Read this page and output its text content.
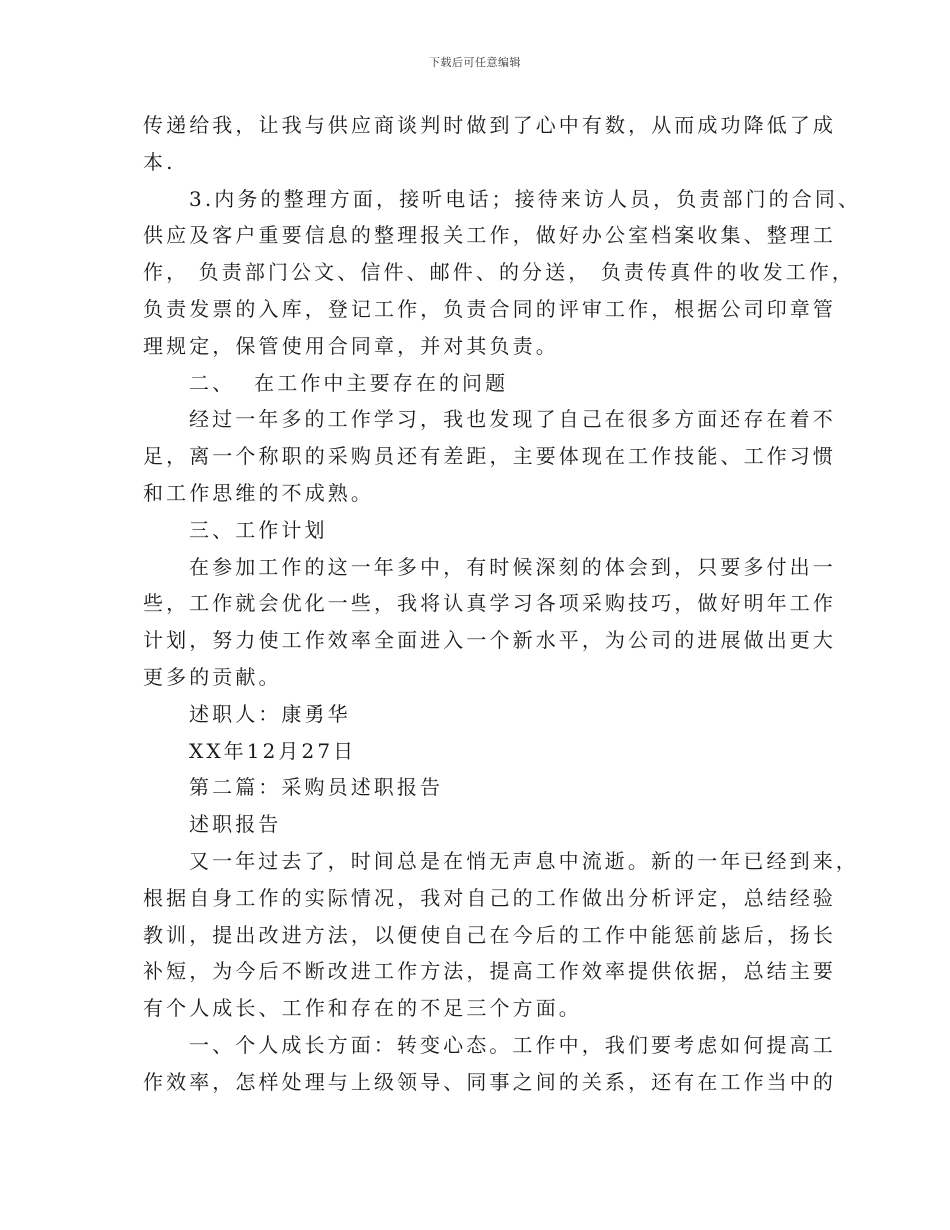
下载后可任意编辑
传递给我，让我与供应商谈判时做到了心中有数，从而成功降低了成
本.
3.内务的整理方面，接听电话；接待来访人员，负责部门的合同、
供应及客户重要信息的整理报关工作，做好办公室档案收集、整理工
作， 负责部门公文、信件、邮件、的分送， 负责传真件的收发工作，
负责发票的入库，登记工作，负责合同的评审工作，根据公司印章管
理规定，保管使用合同章，并对其负责。
二、  在工作中主要存在的问题
经过一年多的工作学习，我也发现了自己在很多方面还存在着不
足，离一个称职的采购员还有差距，主要体现在工作技能、工作习惯
和工作思维的不成熟。
三、工作计划
在参加工作的这一年多中，有时候深刻的体会到，只要多付出一
些，工作就会优化一些，我将认真学习各项采购技巧，做好明年工作
计划，努力使工作效率全面进入一个新水平，为公司的进展做出更大
更多的贡献。
述职人：康勇华
XX年12月27日
第二篇：采购员述职报告
述职报告
又一年过去了，时间总是在悄无声息中流逝。新的一年已经到来，
根据自身工作的实际情况，我对自己的工作做出分析评定，总结经验
教训，提出改进方法，以便使自己在今后的工作中能惩前毖后，扬长
补短，为今后不断改进工作方法，提高工作效率提供依据，总结主要
有个人成长、工作和存在的不足三个方面。
一、个人成长方面：转变心态。工作中，我们要考虑如何提高工
作效率，怎样处理与上级领导、同事之间的关系，还有在工作当中的
